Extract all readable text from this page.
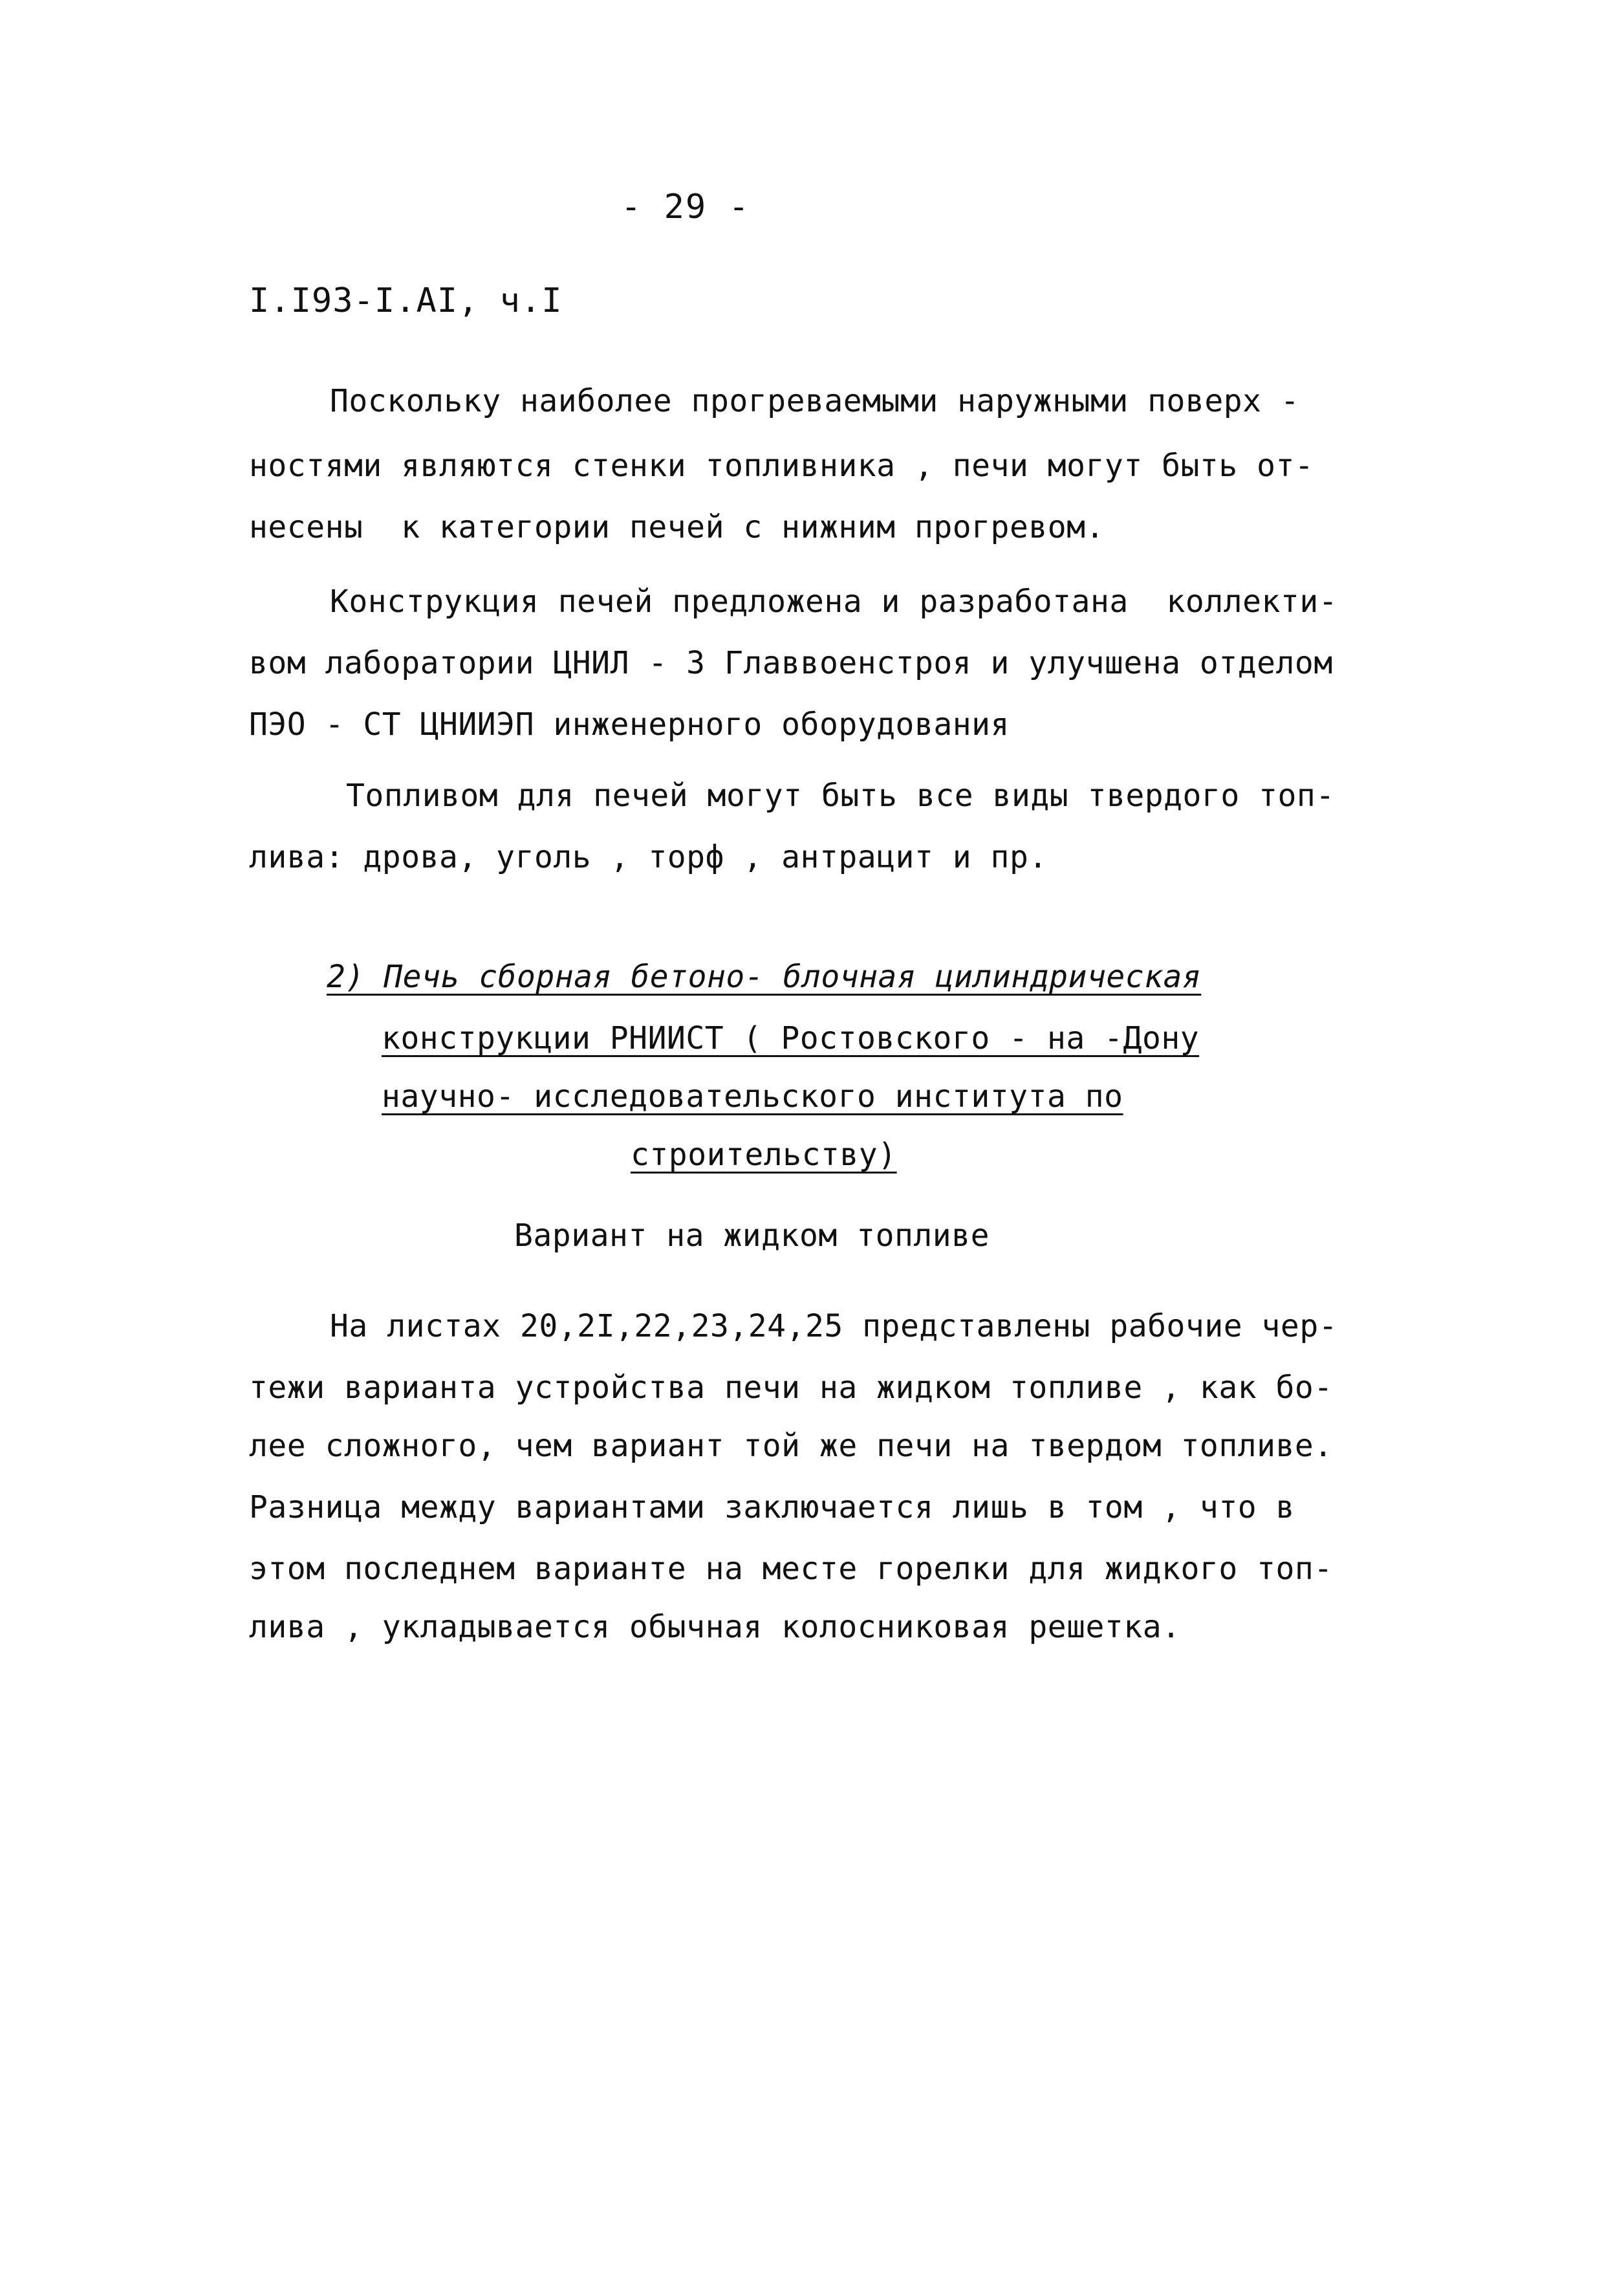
- 29 -
I.I93-I.AI, ч.I
Поскольку наиболее прогреваемыми наружными поверх -
ностями являются стенки топливника , печи могут быть от-
несены  к категории печей с нижним прогревом.
Конструкция печей предложена и разработана  коллекти-
вом лаборатории ЦНИЛ - 3 Главвоенстроя и улучшена отделом
ПЭО - СТ ЦНИИЭП инженерного оборудования
Топливом для печей могут быть все виды твердого топ-
лива: дрова, уголь , торф , антрацит и пр.
2) Печь сборная бетоно- блочная цилиндрическая
конструкции РНИИСТ ( Ростовского - на -Дону
научно- исследовательского института по
строительству)
Вариант на жидком топливе
На листах 20,2I,22,23,24,25 представлены рабочие чер-
тежи варианта устройства печи на жидком топливе , как бо-
лее сложного, чем вариант той же печи на твердом топливе.
Разница между вариантами заключается лишь в том , что в
этом последнем варианте на месте горелки для жидкого топ-
лива , укладывается обычная колосниковая решетка.
